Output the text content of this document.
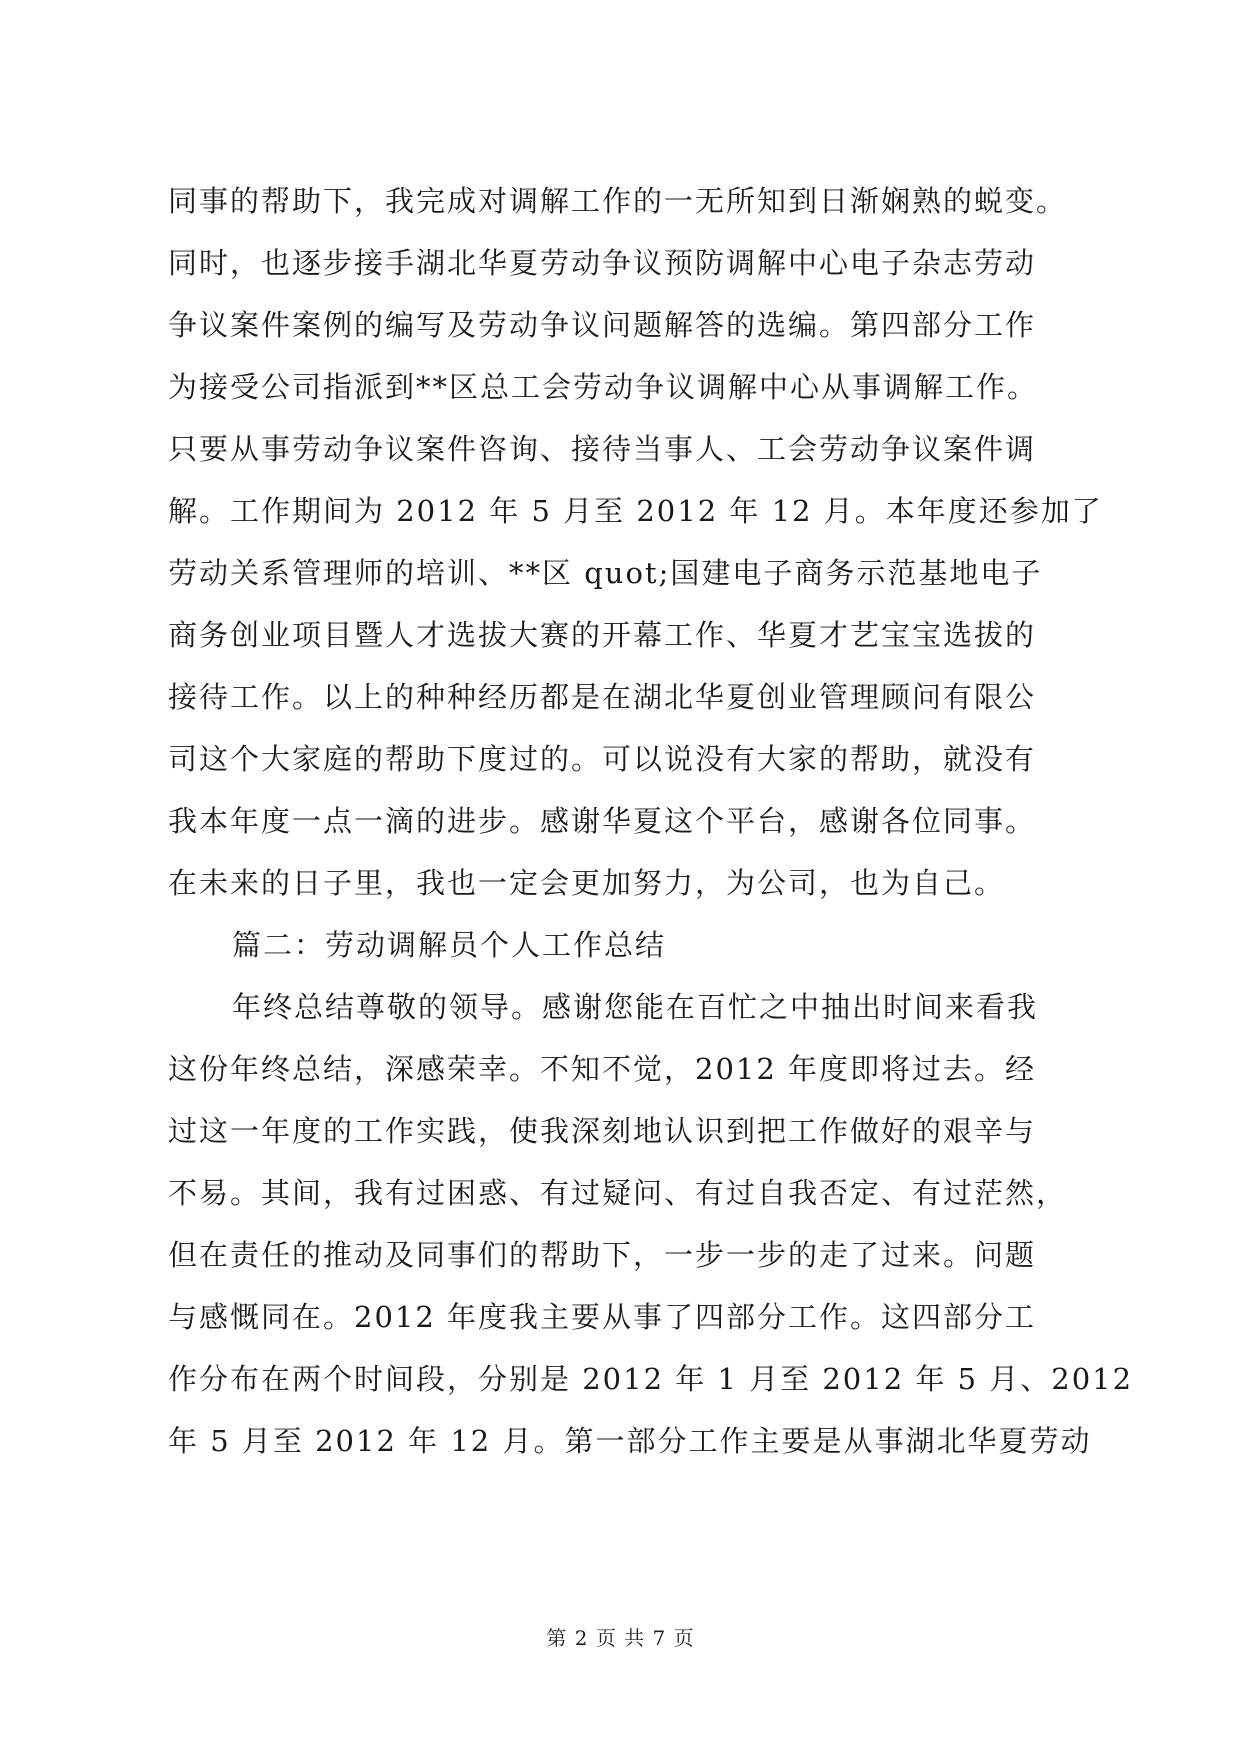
同事的帮助下，我完成对调解工作的一无所知到日渐娴熟的蜕变。
同时，也逐步接手湖北华夏劳动争议预防调解中心电子杂志劳动
争议案件案例的编写及劳动争议问题解答的选编。第四部分工作
为接受公司指派到**区总工会劳动争议调解中心从事调解工作。
只要从事劳动争议案件咨询、接待当事人、工会劳动争议案件调
解。工作期间为 2012 年 5 月至 2012 年 12 月。本年度还参加了
劳动关系管理师的培训、**区 quot;国建电子商务示范基地电子
商务创业项目暨人才选拔大赛的开幕工作、华夏才艺宝宝选拔的
接待工作。以上的种种经历都是在湖北华夏创业管理顾问有限公
司这个大家庭的帮助下度过的。可以说没有大家的帮助，就没有
我本年度一点一滴的进步。感谢华夏这个平台，感谢各位同事。
在未来的日子里，我也一定会更加努力，为公司，也为自己。
篇二：劳动调解员个人工作总结
年终总结尊敬的领导。感谢您能在百忙之中抽出时间来看我
这份年终总结，深感荣幸。不知不觉，2012 年度即将过去。经
过这一年度的工作实践，使我深刻地认识到把工作做好的艰辛与
不易。其间，我有过困惑、有过疑问、有过自我否定、有过茫然，
但在责任的推动及同事们的帮助下，一步一步的走了过来。问题
与感慨同在。2012 年度我主要从事了四部分工作。这四部分工
作分布在两个时间段，分别是 2012 年 1 月至 2012 年 5 月、2012
年 5 月至 2012 年 12 月。第一部分工作主要是从事湖北华夏劳动
第 2 页 共 7 页
